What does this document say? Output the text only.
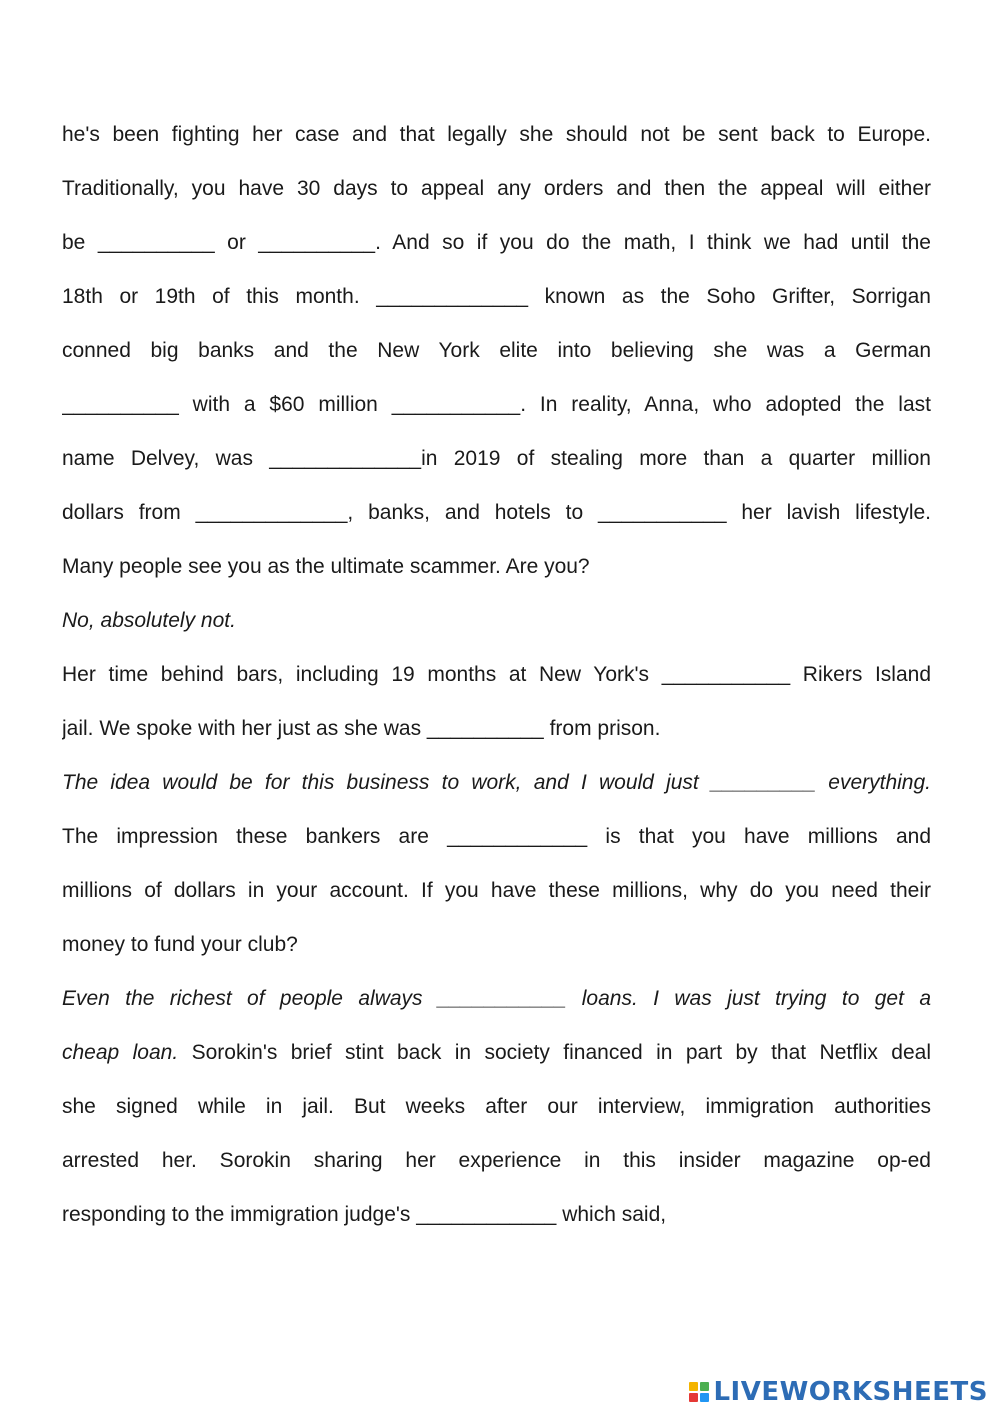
he's been fighting her case and that legally she should not be sent back to Europe.
Traditionally, you have 30 days to appeal any orders and then the appeal will either
be __________ or __________. And so if you do the math, I think we had until the
18th or 19th of this month. _____________ known as the Soho Grifter, Sorrigan
conned big banks and the New York elite into believing she was a German
__________ with a $60 million ___________. In reality, Anna, who adopted the last
name Delvey, was _____________in 2019 of stealing more than a quarter million
dollars from _____________, banks, and hotels to ___________ her lavish lifestyle.
Many people see you as the ultimate scammer. Are you?
No, absolutely not.
Her time behind bars, including 19 months at New York's ___________ Rikers Island
jail. We spoke with her just as she was __________ from prison.
The idea would be for this business to work, and I would just _________ everything.
The impression these bankers are ____________ is that you have millions and
millions of dollars in your account. If you have these millions, why do you need their
money to fund your club?
Even the richest of people always ___________ loans. I was just trying to get a
cheap loan. Sorokin's brief stint back in society financed in part by that Netflix deal
she signed while in jail. But weeks after our interview, immigration authorities
arrested her. Sorokin sharing her experience in this insider magazine op-ed
responding to the immigration judge's ____________ which said,
LIVEWORKSHEETS
